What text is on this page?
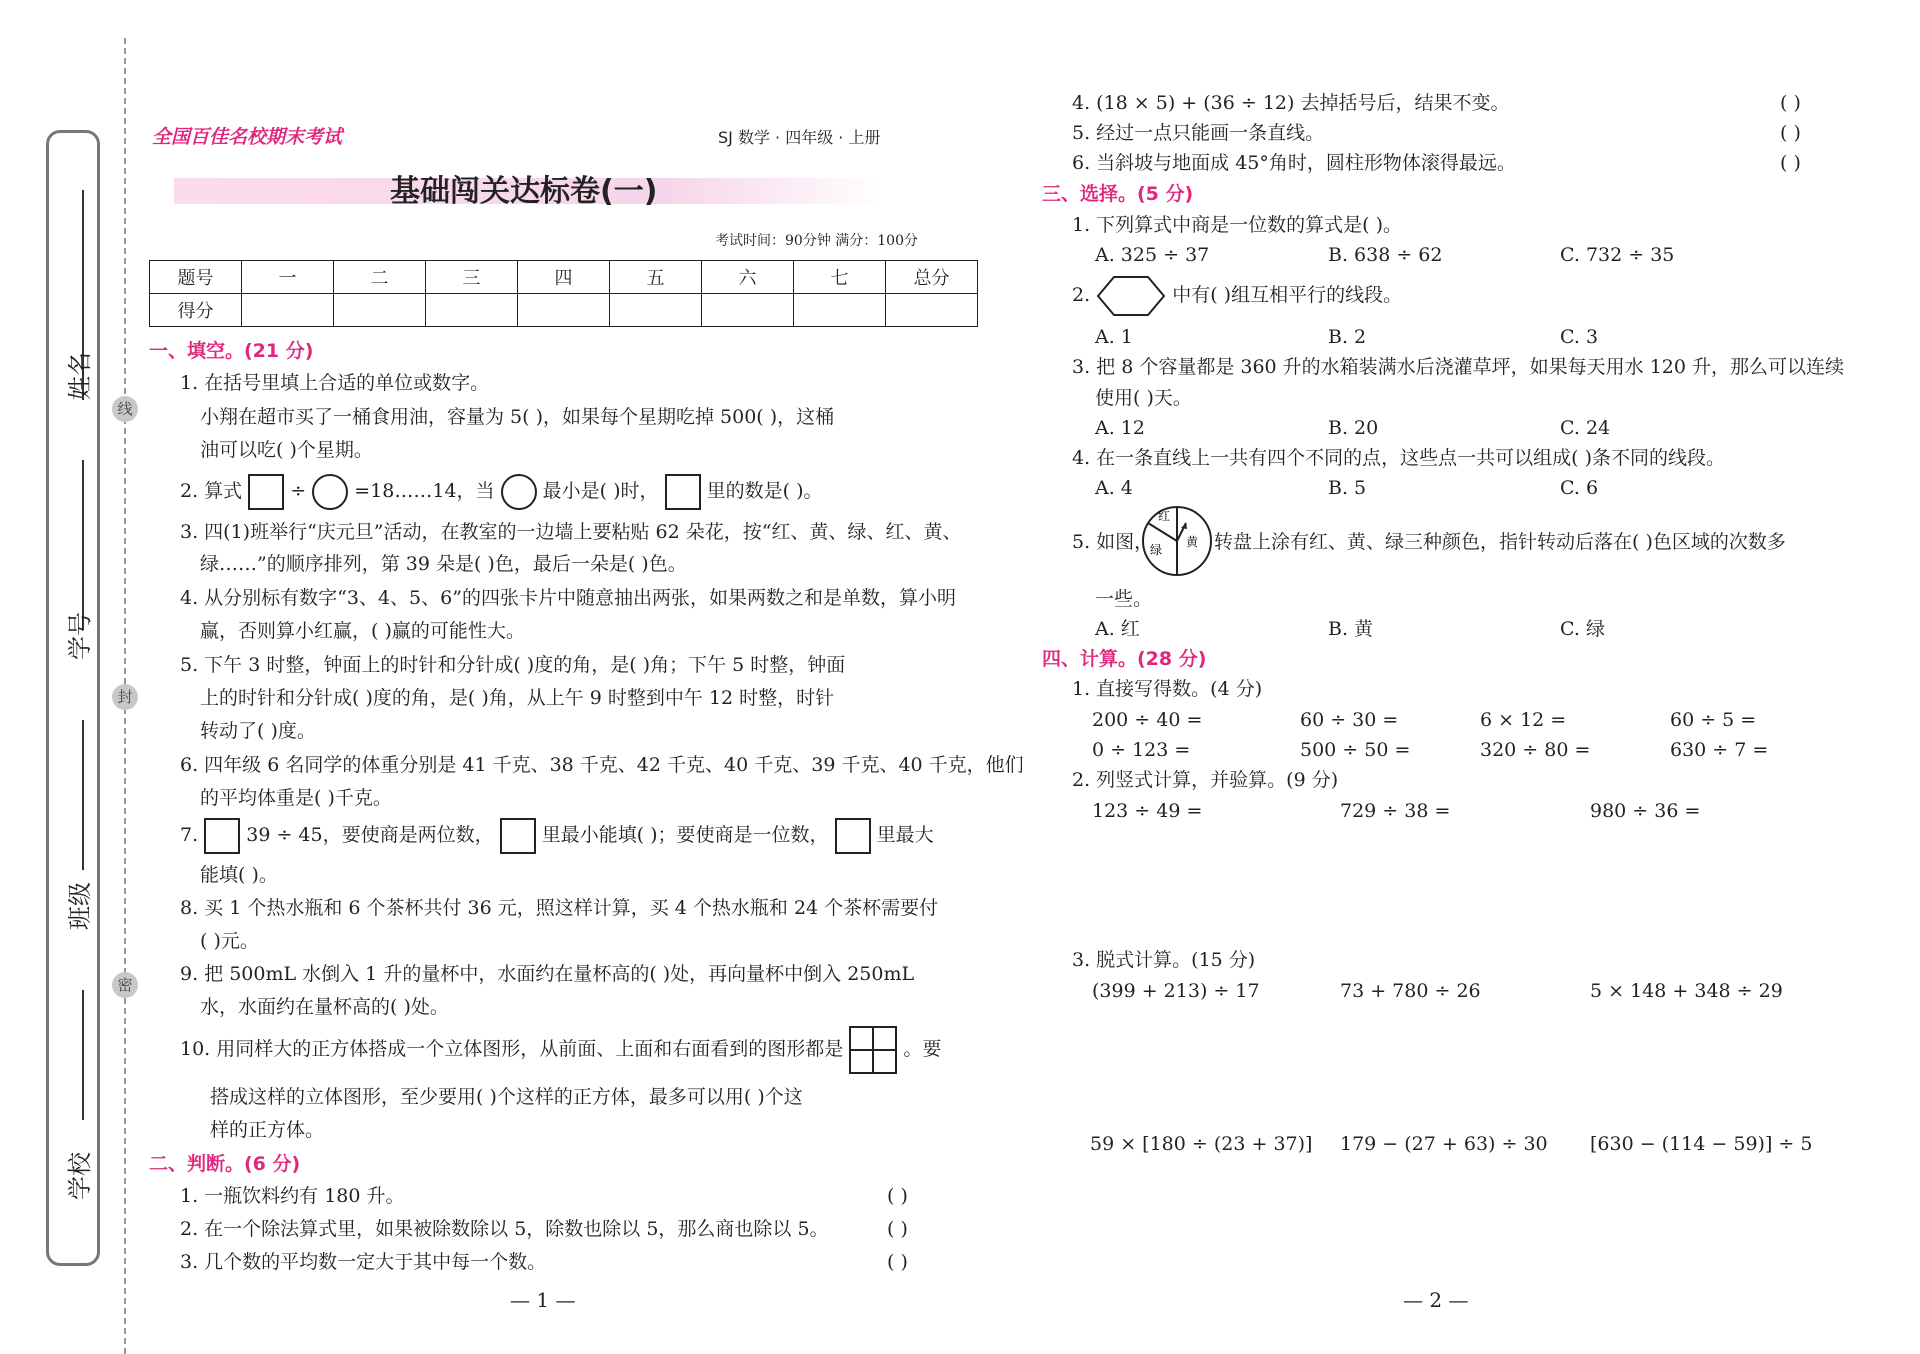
姓名
学号
班级
学校
线
封
密
全国百佳名校期末考试	SJ 数学 · 四年级 · 上册
基础闯关达标卷(一)
考试时间：90分钟 满分：100分
题号	一	二	三	四	五	六	七	总分
得分								
一、填空。(21 分)
1. 在括号里填上合适的单位或数字。
小翔在超市买了一桶食用油，容量为 5( )，如果每个星期吃掉 500( )，这桶
油可以吃( )个星期。
2. 算式	÷	=18……14，当	最小是( )时，	里的数是( )。
3. 四(1)班举行“庆元旦”活动，在教室的一边墙上要粘贴 62 朵花，按“红、黄、绿、红、黄、
绿……”的顺序排列，第 39 朵是( )色，最后一朵是( )色。
4. 从分别标有数字“3、4、5、6”的四张卡片中随意抽出两张，如果两数之和是单数，算小明
赢，否则算小红赢，( )赢的可能性大。
5. 下午 3 时整，钟面上的时针和分针成( )度的角，是( )角；下午 5 时整，钟面
上的时针和分针成( )度的角，是( )角，从上午 9 时整到中午 12 时整，时针
转动了( )度。
6. 四年级 6 名同学的体重分别是 41 千克、38 千克、42 千克、40 千克、39 千克、40 千克，他们
的平均体重是( )千克。
7.	39 ÷ 45，要使商是两位数，	里最小能填( )；要使商是一位数，	里最大
能填( )。
8. 买 1 个热水瓶和 6 个茶杯共付 36 元，照这样计算，买 4 个热水瓶和 24 个茶杯需要付
( )元。
9. 把 500mL 水倒入 1 升的量杯中，水面约在量杯高的( )处，再向量杯中倒入 250mL
水，水面约在量杯高的( )处。
10. 用同样大的正方体搭成一个立体图形，从前面、上面和右面看到的图形都是	。要
搭成这样的立体图形，至少要用( )个这样的正方体，最多可以用( )个这
样的正方体。
二、判断。(6 分)
1. 一瓶饮料约有 180 升。	( )
2. 在一个除法算式里，如果被除数除以 5，除数也除以 5，那么商也除以 5。	( )
3. 几个数的平均数一定大于其中每一个数。	( )
— 1 —
4. (18 × 5) + (36 ÷ 12) 去掉括号后，结果不变。	( )
5. 经过一点只能画一条直线。	( )
6. 当斜坡与地面成 45°角时，圆柱形物体滚得最远。	( )
三、选择。(5 分)
1. 下列算式中商是一位数的算式是( )。
A. 325 ÷ 37	B. 638 ÷ 62	C. 732 ÷ 35
2.	中有( )组互相平行的线段。
A. 1	B. 2	C. 3
3. 把 8 个容量都是 360 升的水箱装满水后浇灌草坪，如果每天用水 120 升，那么可以连续
使用( )天。
A. 12	B. 20	C. 24
4. 在一条直线上一共有四个不同的点，这些点一共可以组成( )条不同的线段。
A. 4	B. 5	C. 6
5. 如图，
红
黄
绿	转盘上涂有红、黄、绿三种颜色，指针转动后落在( )色区域的次数多
一些。
A. 红	B. 黄	C. 绿
四、计算。(28 分)
1. 直接写得数。(4 分)
200 ÷ 40 =	60 ÷ 30 =	6 × 12 =	60 ÷ 5 =
0 ÷ 123 =	500 ÷ 50 =	320 ÷ 80 =	630 ÷ 7 =
2. 列竖式计算，并验算。(9 分)
123 ÷ 49 =	729 ÷ 38 =	980 ÷ 36 =
3. 脱式计算。(15 分)
(399 + 213) ÷ 17	73 + 780 ÷ 26	5 × 148 + 348 ÷ 29
59 × [180 ÷ (23 + 37)] 179 − (27 + 63) ÷ 30 [630 − (114 − 59)] ÷ 5
— 2 —
